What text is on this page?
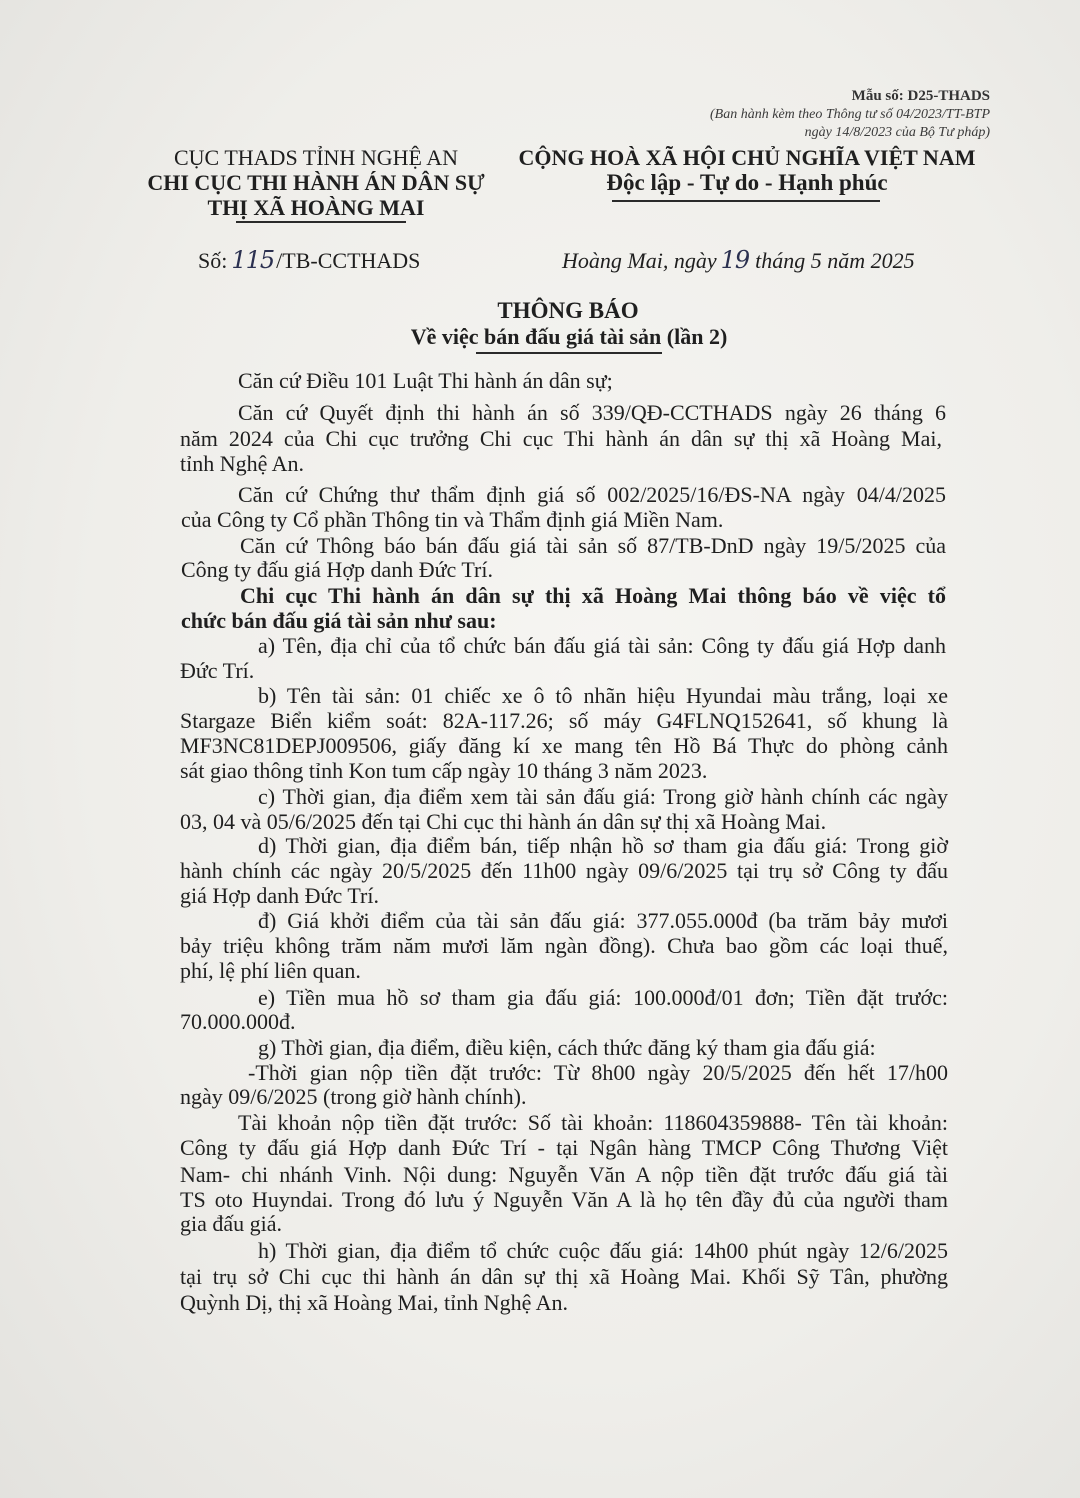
Mẫu số: D25-THADS
(Ban hành kèm theo Thông tư số 04/2023/TT-BTP
ngày 14/8/2023 của Bộ Tư pháp)
CỤC THADS TỈNH NGHỆ AN
CHI CỤC THI HÀNH ÁN DÂN SỰ
THỊ XÃ HOÀNG MAI
CỘNG HOÀ XÃ HỘI CHỦ NGHĨA VIỆT NAM
Độc lập - Tự do - Hạnh phúc
Số: 115/TB-CCTHADS	Hoàng Mai, ngày 19 tháng 5 năm 2025
THÔNG BÁO
Về việc bán đấu giá tài sản (lần 2)
Căn cứ Điều 101 Luật Thi hành án dân sự;
Căn cứ Quyết định thi hành án số 339/QĐ-CCTHADS ngày 26 tháng 6
năm 2024 của Chi cục trưởng Chi cục Thi hành án dân sự thị xã Hoàng Mai,
tỉnh Nghệ An.
Căn cứ Chứng thư thẩm định giá số 002/2025/16/ĐS-NA ngày 04/4/2025
của Công ty Cổ phần Thông tin và Thẩm định giá Miền Nam.
Căn cứ Thông báo bán đấu giá tài sản số 87/TB-DnD ngày 19/5/2025 của
Công ty đấu giá Hợp danh Đức Trí.
Chi cục Thi hành án dân sự thị xã Hoàng Mai thông báo về việc tổ
chức bán đấu giá tài sản như sau:
a) Tên, địa chỉ của tổ chức bán đấu giá tài sản: Công ty đấu giá Hợp danh
Đức Trí.
b) Tên tài sản: 01 chiếc xe ô tô nhãn hiệu Hyundai màu trắng, loại xe
Stargaze Biển kiểm soát: 82A-117.26; số máy G4FLNQ152641, số khung là
MF3NC81DEPJ009506, giấy đăng kí xe mang tên Hồ Bá Thực do phòng cảnh
sát giao thông tỉnh Kon tum cấp ngày 10 tháng 3 năm 2023.
c) Thời gian, địa điểm xem tài sản đấu giá: Trong giờ hành chính các ngày
03, 04 và 05/6/2025 đến tại Chi cục thi hành án dân sự thị xã Hoàng Mai.
d) Thời gian, địa điểm bán, tiếp nhận hồ sơ tham gia đấu giá: Trong giờ
hành chính các ngày 20/5/2025 đến 11h00 ngày 09/6/2025 tại trụ sở Công ty đấu
giá Hợp danh Đức Trí.
đ) Giá khởi điểm của tài sản đấu giá: 377.055.000đ (ba trăm bảy mươi
bảy triệu không trăm năm mươi lăm ngàn đồng). Chưa bao gồm các loại thuế,
phí, lệ phí liên quan.
e) Tiền mua hồ sơ tham gia đấu giá: 100.000đ/01 đơn; Tiền đặt trước:
70.000.000đ.
g) Thời gian, địa điểm, điều kiện, cách thức đăng ký tham gia đấu giá:
-Thời gian nộp tiền đặt trước: Từ 8h00 ngày 20/5/2025 đến hết 17/h00
ngày 09/6/2025 (trong giờ hành chính).
Tài khoản nộp tiền đặt trước: Số tài khoản: 118604359888- Tên tài khoản:
Công ty đấu giá Hợp danh Đức Trí - tại Ngân hàng TMCP Công Thương Việt
Nam- chi nhánh Vinh. Nội dung: Nguyễn Văn A nộp tiền đặt trước đấu giá tài
TS oto Huyndai. Trong đó lưu ý Nguyễn Văn A là họ tên đầy đủ của người tham
gia đấu giá.
h) Thời gian, địa điểm tổ chức cuộc đấu giá: 14h00 phút ngày 12/6/2025
tại trụ sở Chi cục thi hành án dân sự thị xã Hoàng Mai. Khối Sỹ Tân, phường
Quỳnh Dị, thị xã Hoàng Mai, tỉnh Nghệ An.
